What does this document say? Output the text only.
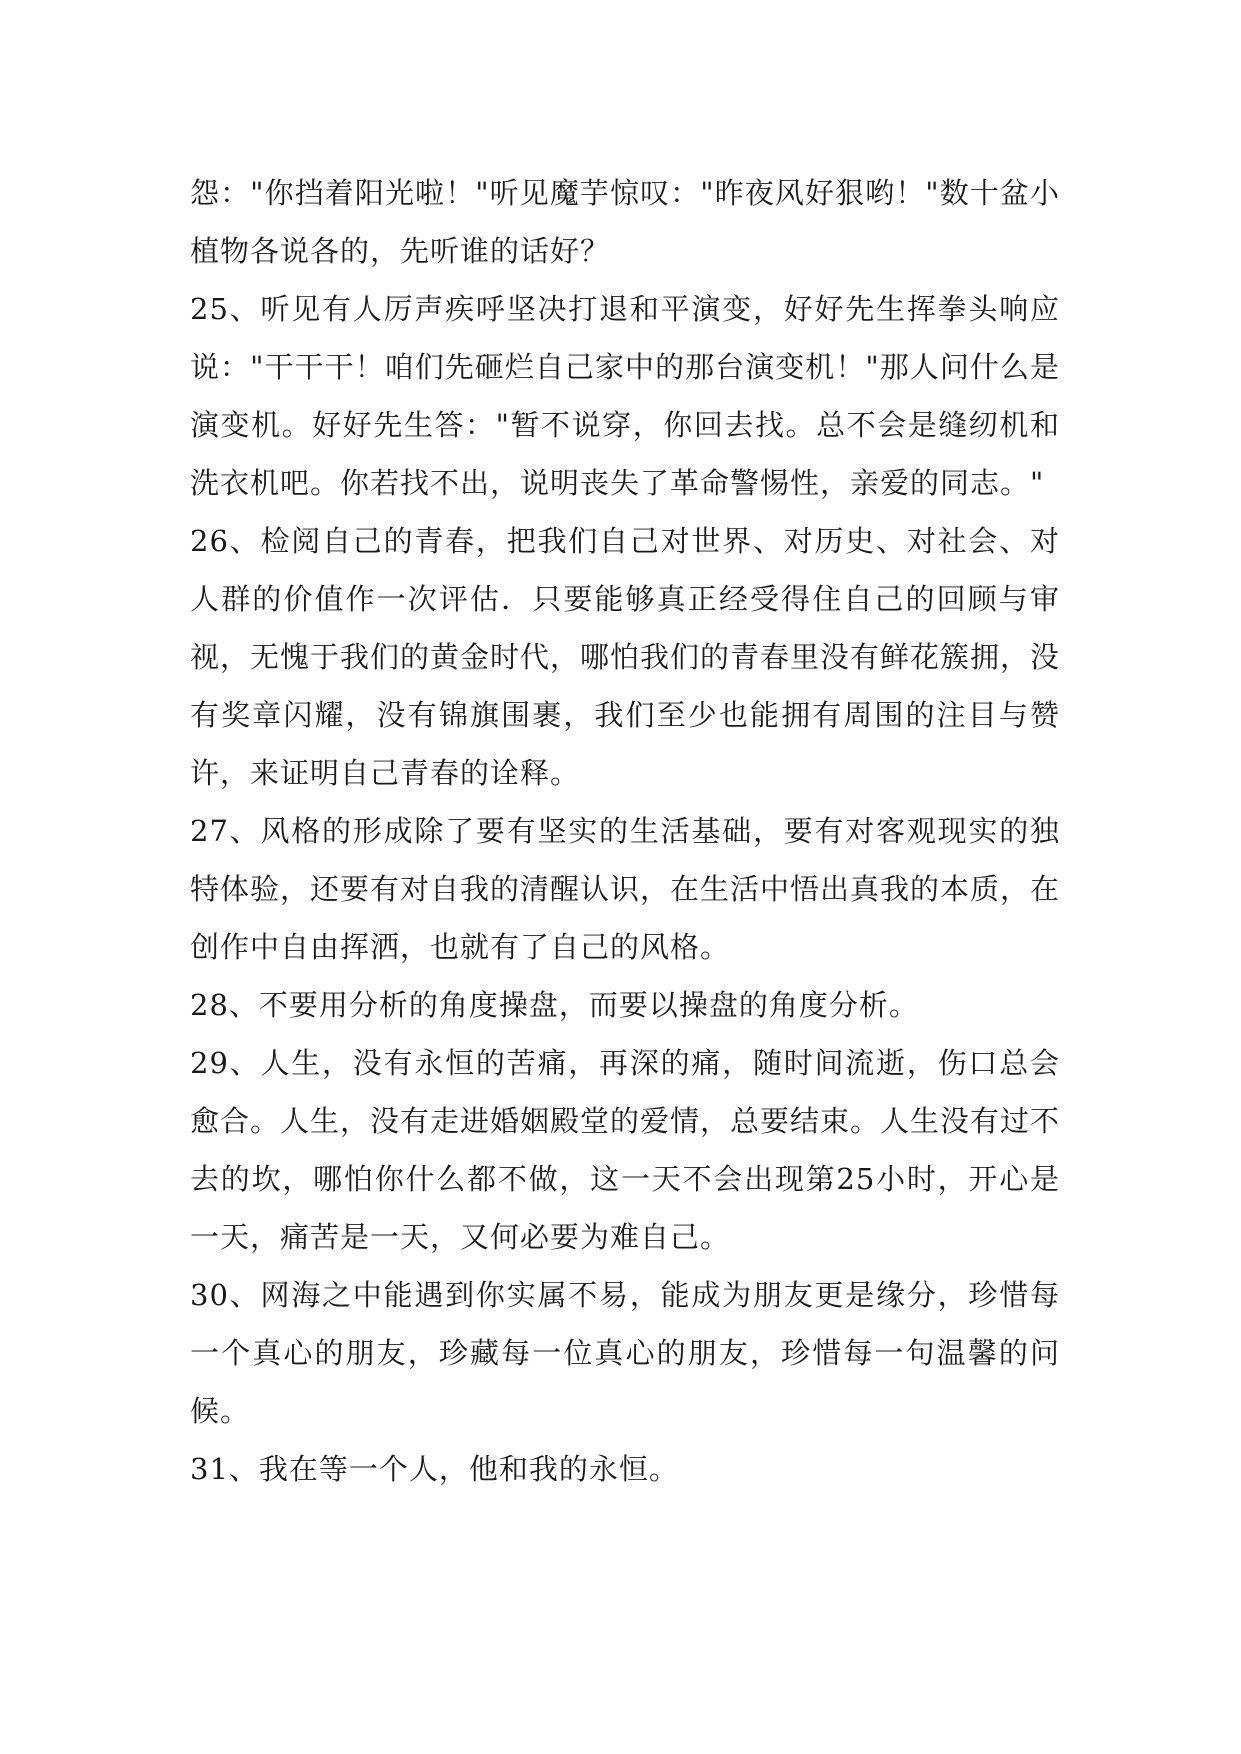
怨："你挡着阳光啦！"听见魔芋惊叹："昨夜风好狠哟！"数十盆小植物各说各的，先听谁的话好？

25、听见有人厉声疾呼坚决打退和平演变，好好先生挥拳头响应说："干干干！咱们先砸烂自己家中的那台演变机！"那人问什么是演变机。好好先生答："暂不说穿，你回去找。总不会是缝纫机和洗衣机吧。你若找不出，说明丧失了革命警惕性，亲爱的同志。"

26、检阅自己的青春，把我们自己对世界、对历史、对社会、对人群的价值作一次评估．只要能够真正经受得住自己的回顾与审视，无愧于我们的黄金时代，哪怕我们的青春里没有鲜花簇拥，没有奖章闪耀，没有锦旗围裹，我们至少也能拥有周围的注目与赞许，来证明自己青春的诠释。

27、风格的形成除了要有坚实的生活基础，要有对客观现实的独特体验，还要有对自我的清醒认识，在生活中悟出真我的本质，在创作中自由挥洒，也就有了自己的风格。

28、不要用分析的角度操盘，而要以操盘的角度分析。

29、人生，没有永恒的苦痛，再深的痛，随时间流逝，伤口总会愈合。人生，没有走进婚姻殿堂的爱情，总要结束。人生没有过不去的坎，哪怕你什么都不做，这一天不会出现第25小时，开心是一天，痛苦是一天，又何必要为难自己。

30、网海之中能遇到你实属不易，能成为朋友更是缘分，珍惜每一个真心的朋友，珍藏每一位真心的朋友，珍惜每一句温馨的问候。

31、我在等一个人，他和我的永恒。
